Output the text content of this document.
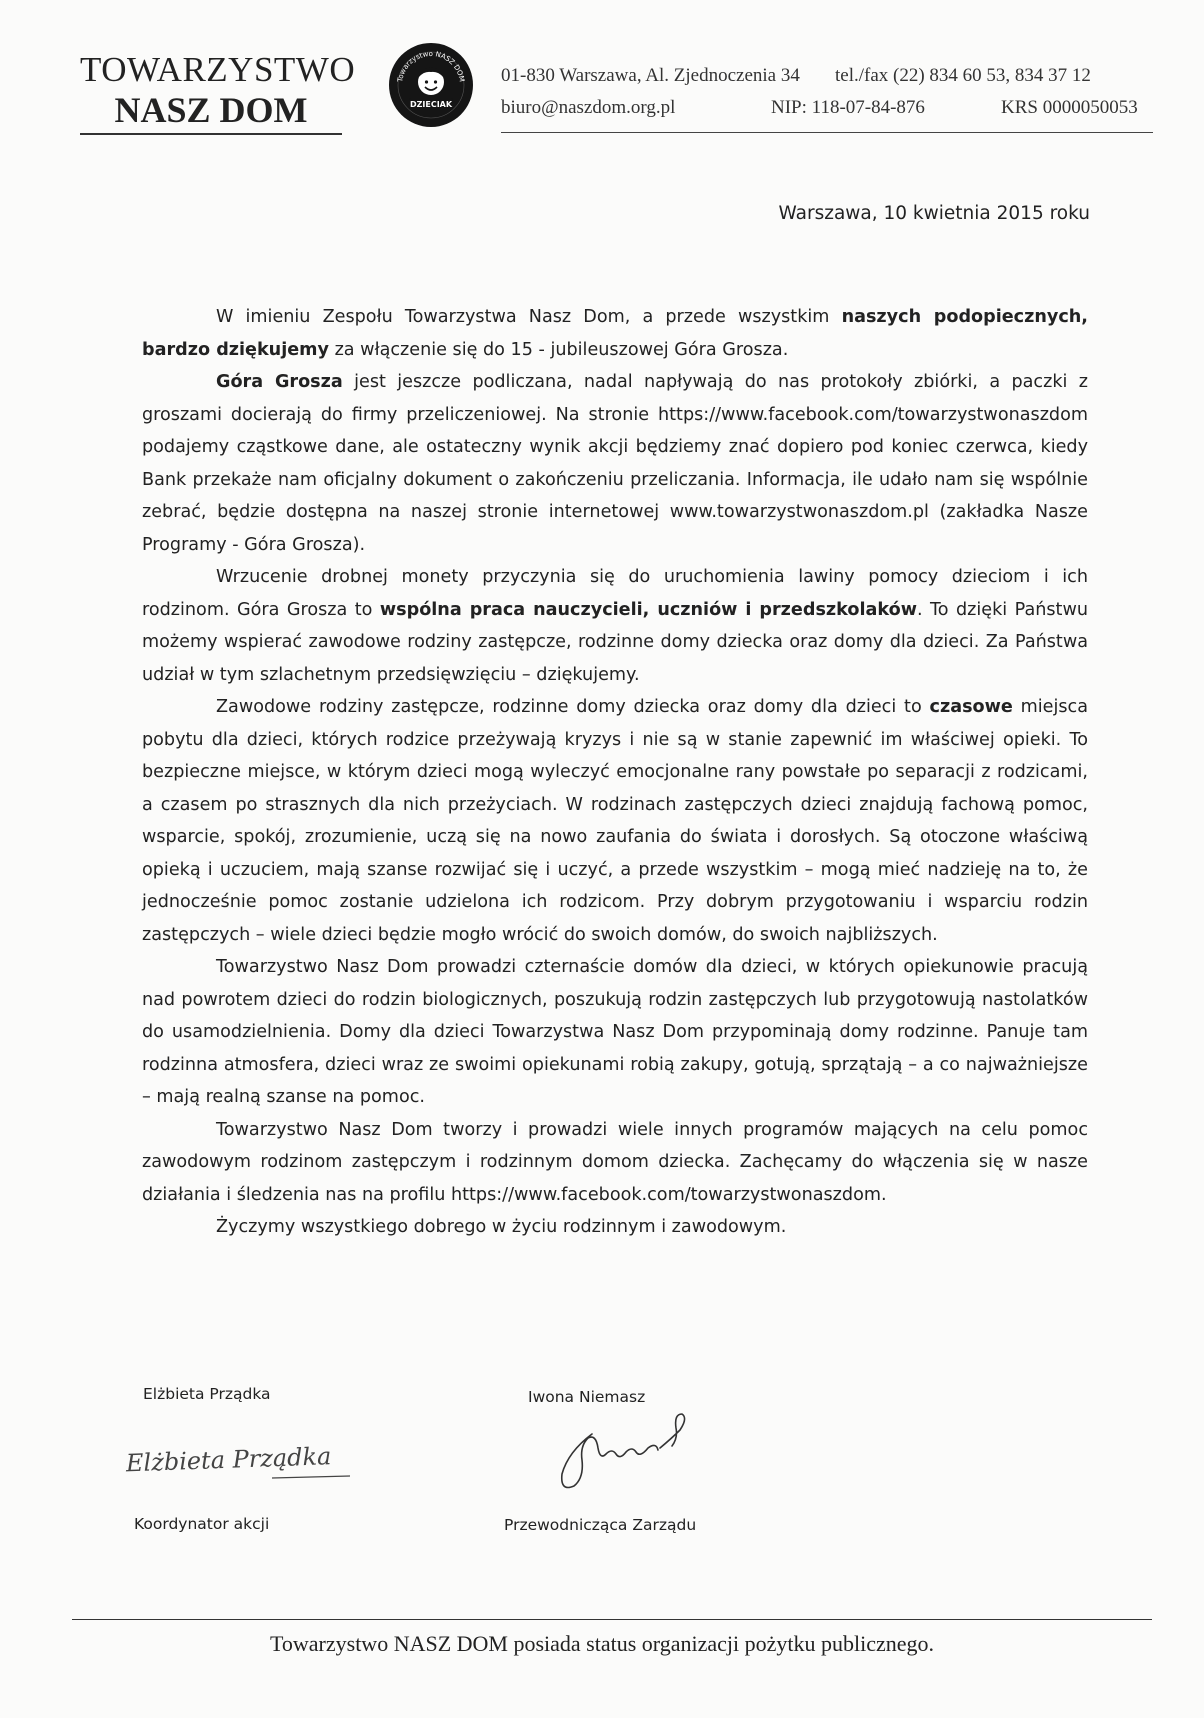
TOWARZYSTWO
NASZ DOM
Towarzystwo NASZ DOM
DZIECIAK
01-830 Warszawa, Al. Zjednoczenia 34 tel./fax (22) 834 60 53, 834 37 12
biuro@naszdom.org.pl	NIP: 118-07-84-876	KRS 0000050053
Warszawa, 10 kwietnia 2015 roku

W imieniu Zespołu Towarzystwa Nasz Dom, a przede wszystkim naszych podopiecznych, bardzo dziękujemy za włączenie się do 15 - jubileuszowej Góra Grosza.

Góra Grosza jest jeszcze podliczana, nadal napływają do nas protokoły zbiórki, a paczki z groszami docierają do firmy przeliczeniowej. Na stronie https://www.facebook.com/towarzystwonaszdom podajemy cząstkowe dane, ale ostateczny wynik akcji będziemy znać dopiero pod koniec czerwca, kiedy Bank przekaże nam oficjalny dokument o zakończeniu przeliczania. Informacja, ile udało nam się wspólnie zebrać, będzie dostępna na naszej stronie internetowej www.towarzystwonaszdom.pl (zakładka Nasze Programy - Góra Grosza).

Wrzucenie drobnej monety przyczynia się do uruchomienia lawiny pomocy dzieciom i ich rodzinom. Góra Grosza to wspólna praca nauczycieli, uczniów i przedszkolaków. To dzięki Państwu możemy wspierać zawodowe rodziny zastępcze, rodzinne domy dziecka oraz domy dla dzieci. Za Państwa udział w tym szlachetnym przedsięwzięciu – dziękujemy.

Zawodowe rodziny zastępcze, rodzinne domy dziecka oraz domy dla dzieci to czasowe miejsca pobytu dla dzieci, których rodzice przeżywają kryzys i nie są w stanie zapewnić im właściwej opieki. To bezpieczne miejsce, w którym dzieci mogą wyleczyć emocjonalne rany powstałe po separacji z rodzicami, a czasem po strasznych dla nich przeżyciach. W rodzinach zastępczych dzieci znajdują fachową pomoc, wsparcie, spokój, zrozumienie, uczą się na nowo zaufania do świata i dorosłych. Są otoczone właściwą opieką i uczuciem, mają szanse rozwijać się i uczyć, a przede wszystkim – mogą mieć nadzieję na to, że jednocześnie pomoc zostanie udzielona ich rodzicom. Przy dobrym przygotowaniu i wsparciu rodzin zastępczych – wiele dzieci będzie mogło wrócić do swoich domów, do swoich najbliższych.

Towarzystwo Nasz Dom prowadzi czternaście domów dla dzieci, w których opiekunowie pracują nad powrotem dzieci do rodzin biologicznych, poszukują rodzin zastępczych lub przygotowują nastolatków do usamodzielnienia. Domy dla dzieci Towarzystwa Nasz Dom przypominają domy rodzinne. Panuje tam rodzinna atmosfera, dzieci wraz ze swoimi opiekunami robią zakupy, gotują, sprzątają – a co najważniejsze – mają realną szanse na pomoc.

Towarzystwo Nasz Dom tworzy i prowadzi wiele innych programów mających na celu pomoc zawodowym rodzinom zastępczym i rodzinnym domom dziecka. Zachęcamy do włączenia się w nasze działania i śledzenia nas na profilu https://www.facebook.com/towarzystwonaszdom.

Życzymy wszystkiego dobrego w życiu rodzinnym i zawodowym.

Elżbieta Prządka
Elżbieta Prządka
Koordynator akcji
Iwona Niemasz
Przewodnicząca Zarządu
Towarzystwo NASZ DOM posiada status organizacji pożytku publicznego.
